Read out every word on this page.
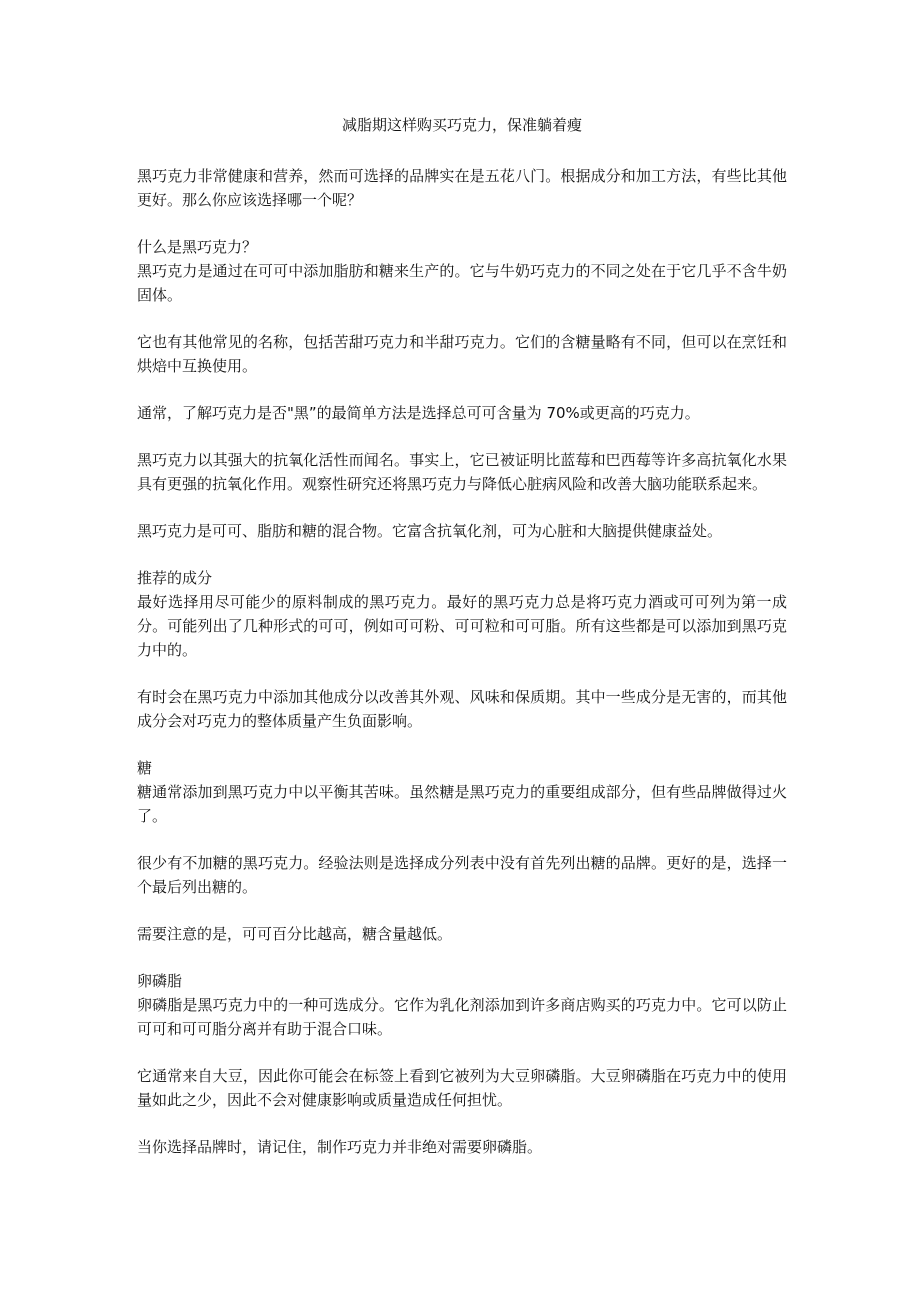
减脂期这样购买巧克力，保准躺着瘦

黑巧克力非常健康和营养，然而可选择的品牌实在是五花八门。根据成分和加工方法，有些比其他更好。那么你应该选择哪一个呢？

什么是黑巧克力？

黑巧克力是通过在可可中添加脂肪和糖来生产的。它与牛奶巧克力的不同之处在于它几乎不含牛奶固体。

它也有其他常见的名称，包括苦甜巧克力和半甜巧克力。它们的含糖量略有不同，但可以在烹饪和烘焙中互换使用。

通常，了解巧克力是否"黑”的最简单方法是选择总可可含量为 70%或更高的巧克力。

黑巧克力以其强大的抗氧化活性而闻名。事实上，它已被证明比蓝莓和巴西莓等许多高抗氧化水果具有更强的抗氧化作用。观察性研究还将黑巧克力与降低心脏病风险和改善大脑功能联系起来。

黑巧克力是可可、脂肪和糖的混合物。它富含抗氧化剂，可为心脏和大脑提供健康益处。

推荐的成分

最好选择用尽可能少的原料制成的黑巧克力。最好的黑巧克力总是将巧克力酒或可可列为第一成分。可能列出了几种形式的可可，例如可可粉、可可粒和可可脂。所有这些都是可以添加到黑巧克力中的。

有时会在黑巧克力中添加其他成分以改善其外观、风味和保质期。其中一些成分是无害的，而其他成分会对巧克力的整体质量产生负面影响。

糖

糖通常添加到黑巧克力中以平衡其苦味。虽然糖是黑巧克力的重要组成部分，但有些品牌做得过火了。

很少有不加糖的黑巧克力。经验法则是选择成分列表中没有首先列出糖的品牌。更好的是，选择一个最后列出糖的。

需要注意的是，可可百分比越高，糖含量越低。

卵磷脂

卵磷脂是黑巧克力中的一种可选成分。它作为乳化剂添加到许多商店购买的巧克力中。它可以防止可可和可可脂分离并有助于混合口味。

它通常来自大豆，因此你可能会在标签上看到它被列为大豆卵磷脂。大豆卵磷脂在巧克力中的使用量如此之少，因此不会对健康影响或质量造成任何担忧。

当你选择品牌时，请记住，制作巧克力并非绝对需要卵磷脂。
